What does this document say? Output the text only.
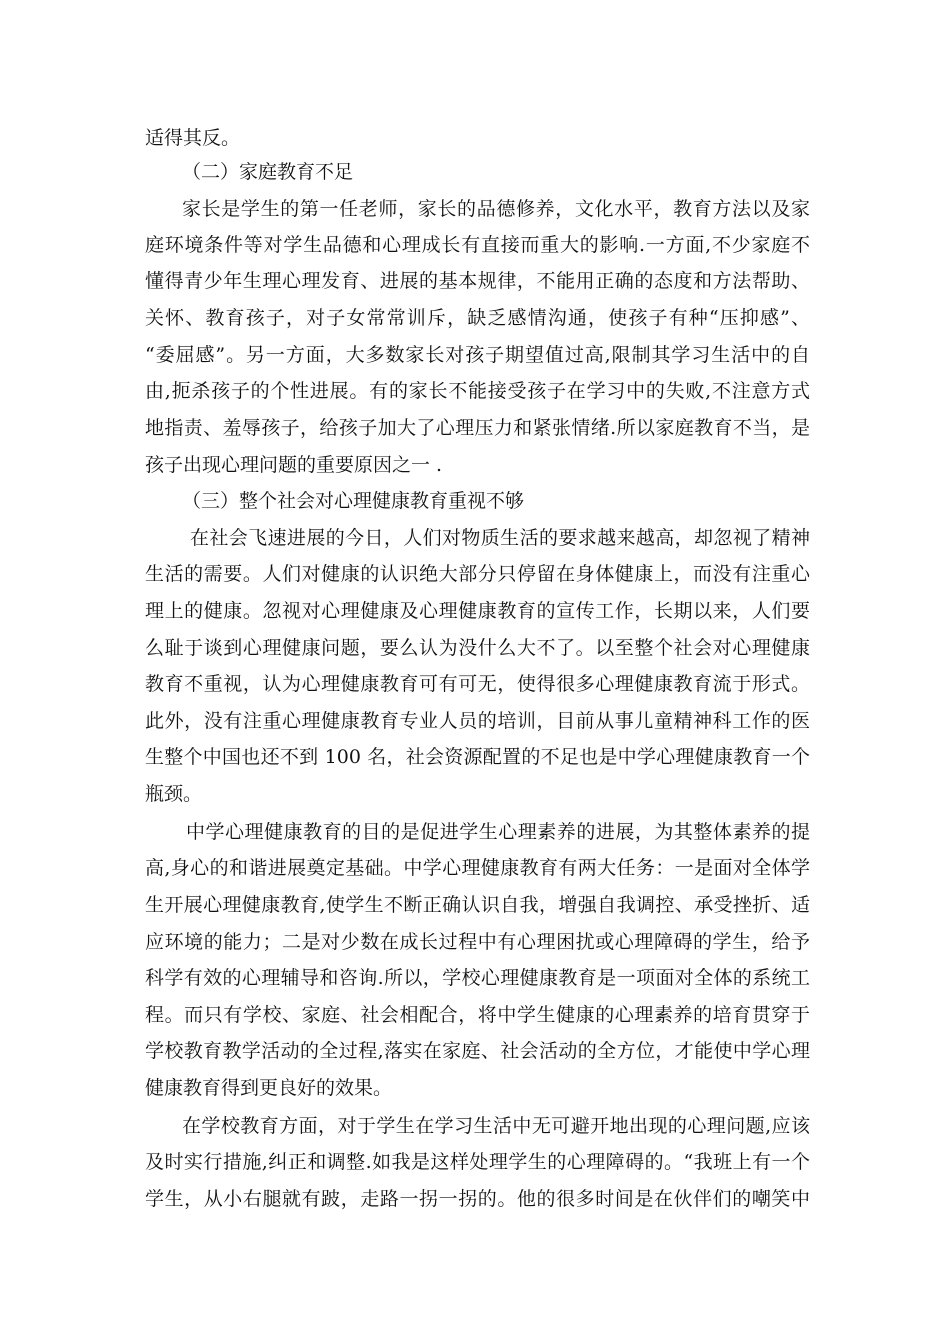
适得其反。
（二）家庭教育不足
家长是学生的第一任老师，家长的品德修养，文化水平，教育方法以及家
庭环境条件等对学生品德和心理成长有直接而重大的影响.一方面,不少家庭不
懂得青少年生理心理发育、进展的基本规律，不能用正确的态度和方法帮助、
关怀、教育孩子，对子女常常训斥，缺乏感情沟通，使孩子有种“压抑感”、
“委屈感”。另一方面，大多数家长对孩子期望值过高,限制其学习生活中的自
由,扼杀孩子的个性进展。有的家长不能接受孩子在学习中的失败,不注意方式
地指责、羞辱孩子，给孩子加大了心理压力和紧张情绪.所以家庭教育不当，是
孩子出现心理问题的重要原因之一 .
（三）整个社会对心理健康教育重视不够
在社会飞速进展的今日，人们对物质生活的要求越来越高，却忽视了精神
生活的需要。人们对健康的认识绝大部分只停留在身体健康上，而没有注重心
理上的健康。忽视对心理健康及心理健康教育的宣传工作，长期以来，人们要
么耻于谈到心理健康问题，要么认为没什么大不了。以至整个社会对心理健康
教育不重视，认为心理健康教育可有可无，使得很多心理健康教育流于形式。
此外，没有注重心理健康教育专业人员的培训，目前从事儿童精神科工作的医
生整个中国也还不到 100 名，社会资源配置的不足也是中学心理健康教育一个
瓶颈。
中学心理健康教育的目的是促进学生心理素养的进展，为其整体素养的提
高,身心的和谐进展奠定基础。中学心理健康教育有两大任务：一是面对全体学
生开展心理健康教育,使学生不断正确认识自我，增强自我调控、承受挫折、适
应环境的能力；二是对少数在成长过程中有心理困扰或心理障碍的学生，给予
科学有效的心理辅导和咨询.所以，学校心理健康教育是一项面对全体的系统工
程。而只有学校、家庭、社会相配合，将中学生健康的心理素养的培育贯穿于
学校教育教学活动的全过程,落实在家庭、社会活动的全方位，才能使中学心理
健康教育得到更良好的效果。
在学校教育方面，对于学生在学习生活中无可避开地出现的心理问题,应该
及时实行措施,纠正和调整.如我是这样处理学生的心理障碍的。“我班上有一个
学生，从小右腿就有跛，走路一拐一拐的。他的很多时间是在伙伴们的嘲笑中
